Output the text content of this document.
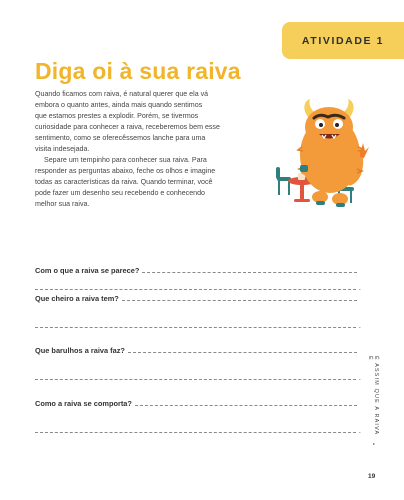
ATIVIDADE 1
Diga oi à sua raiva

Quando ficamos com raiva, é natural querer que ela vá
embora o quanto antes, ainda mais quando sentimos
que estamos prestes a explodir. Porém, se tivermos
curiosidade para conhecer a raiva, receberemos bem esse
sentimento, como se oferecêssemos lanche para uma
visita indesejada.

Separe um tempinho para conhecer sua raiva. Para
responder as perguntas abaixo, feche os olhos e imagine
todas as características da raiva. Quando terminar, você
pode fazer um desenho seu recebendo e conhecendo
melhor sua raiva.

Com o que a raiva se parece?
.
Que cheiro a raiva tem?
.
Que barulhos a raiva faz?
.
Como a raiva se comporta?
.	É ASSIM QUE A RAIVA É
•
19
